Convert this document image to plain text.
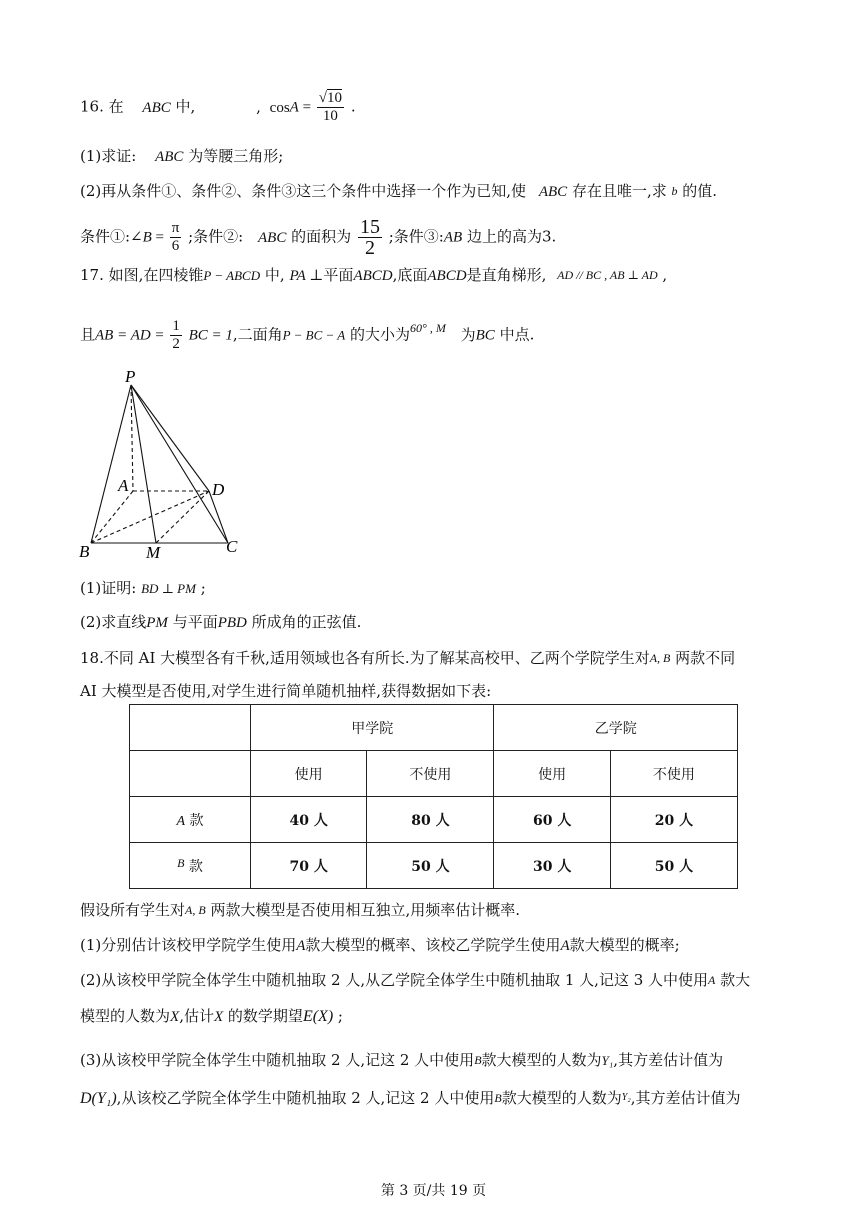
16. 在 ABC 中,	, $\cos A = \frac{√10}{10}$ .
(1)求证: ABC 为等腰三角形;
(2)再从条件①、条件②、条件③这三个条件中选择一个作为已知,使 ABC 存在且唯一,求 $^b$ 的值.
条件①:∠B = $\frac{\pi}{6}$ ;条件②: ABC 的面积为 $\frac{15}{2}$ ;条件③:AB 边上的高为3.
17. 如图,在四棱锥P − ABCD 中, PA ⊥平面ABCD,底面ABCD是直角梯形, $^{AD // BC , AB \perp AD}$ ,
且AB = AD = $\frac{1}{2}$ BC = 1,二面角P − BC − A 的大小为$^{60^\circ , M}$ 为BC 中点.
P
A	D
B	M	C
(1)证明: BD ⊥ PM ;
(2)求直线PM 与平面PBD 所成角的正弦值.
18.不同 AI 大模型各有千秋,适用领域也各有所长.为了解某高校甲、乙两个学院学生对$^{A, B}$ 两款不同
AI 大模型是否使用,对学生进行简单随机抽样,获得数据如下表:
	甲学院		乙学院	
	使用	不使用	使用	不使用
A 款	40 人	80 人	60 人	20 人
B 款	70 人	50 人	30 人	50 人
假设所有学生对$^{A, B}$ 两款大模型是否使用相互独立,用频率估计概率.
(1)分别估计该校甲学院学生使用A款大模型的概率、该校乙学院学生使用A款大模型的概率;
(2)从该校甲学院全体学生中随机抽取 2 人,从乙学院全体学生中随机抽取 1 人,记这 3 人中使用$^A$ 款大
模型的人数为X,估计X 的数学期望E(X) ;
(3)从该校甲学院全体学生中随机抽取 2 人,记这 2 人中使用$^B$款大模型的人数为Y₁,其方差估计值为
D(Y₁),从该校乙学院全体学生中随机抽取 2 人,记这 2 人中使用$^B$款大模型的人数为$^{Y_2}$,其方差估计值为
第 3 页/共 19 页
